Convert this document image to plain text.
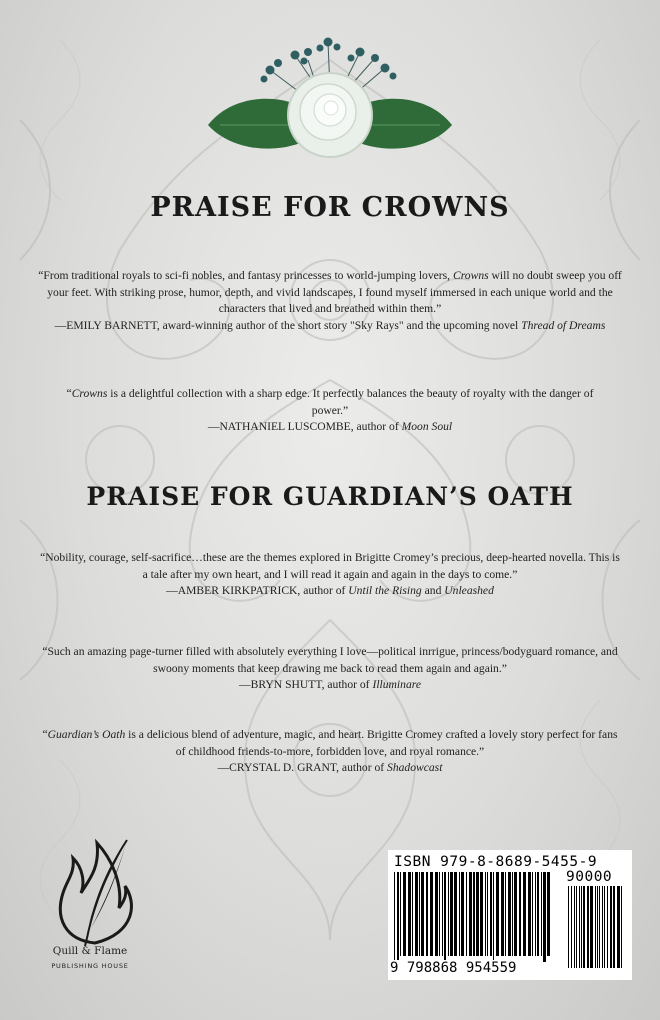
PRAISE FOR CROWNS
“From traditional royals to sci-fi nobles, and fantasy princesses to world-jumping lovers, Crowns will no doubt sweep you off your feet. With striking prose, humor, depth, and vivid landscapes, I found myself immersed in each unique world and the characters that lived and breathed within them.”
—EMILY BARNETT, award-winning author of the short story "Sky Rays" and the upcoming novel Thread of Dreams
“Crowns is a delightful collection with a sharp edge. It perfectly balances the beauty of royalty with the danger of power.”
—NATHANIEL LUSCOMBE, author of Moon Soul
PRAISE FOR GUARDIAN’S OATH
“Nobility, courage, self-sacrifice…these are the themes explored in Brigitte Cromey’s precious, deep-hearted novella. This is a tale after my own heart, and I will read it again and again in the days to come.”
—AMBER KIRKPATRICK, author of Until the Rising and Unleashed
“Such an amazing page-turner filled with absolutely everything I love—political inrrigue, princess/bodyguard romance, and swoony moments that keep drawing me back to read them again and again.”
—BRYN SHUTT, author of Illuminare
“Guardian’s Oath is a delicious blend of adventure, magic, and heart. Brigitte Cromey crafted a lovely story perfect for fans of childhood friends-to-more, forbidden love, and royal romance.”
—CRYSTAL D. GRANT, author of Shadowcast
Quill & Flame
PUBLISHING HOUSE
ISBN 979-8-8689-5455-9
90000
9 798868 954559
